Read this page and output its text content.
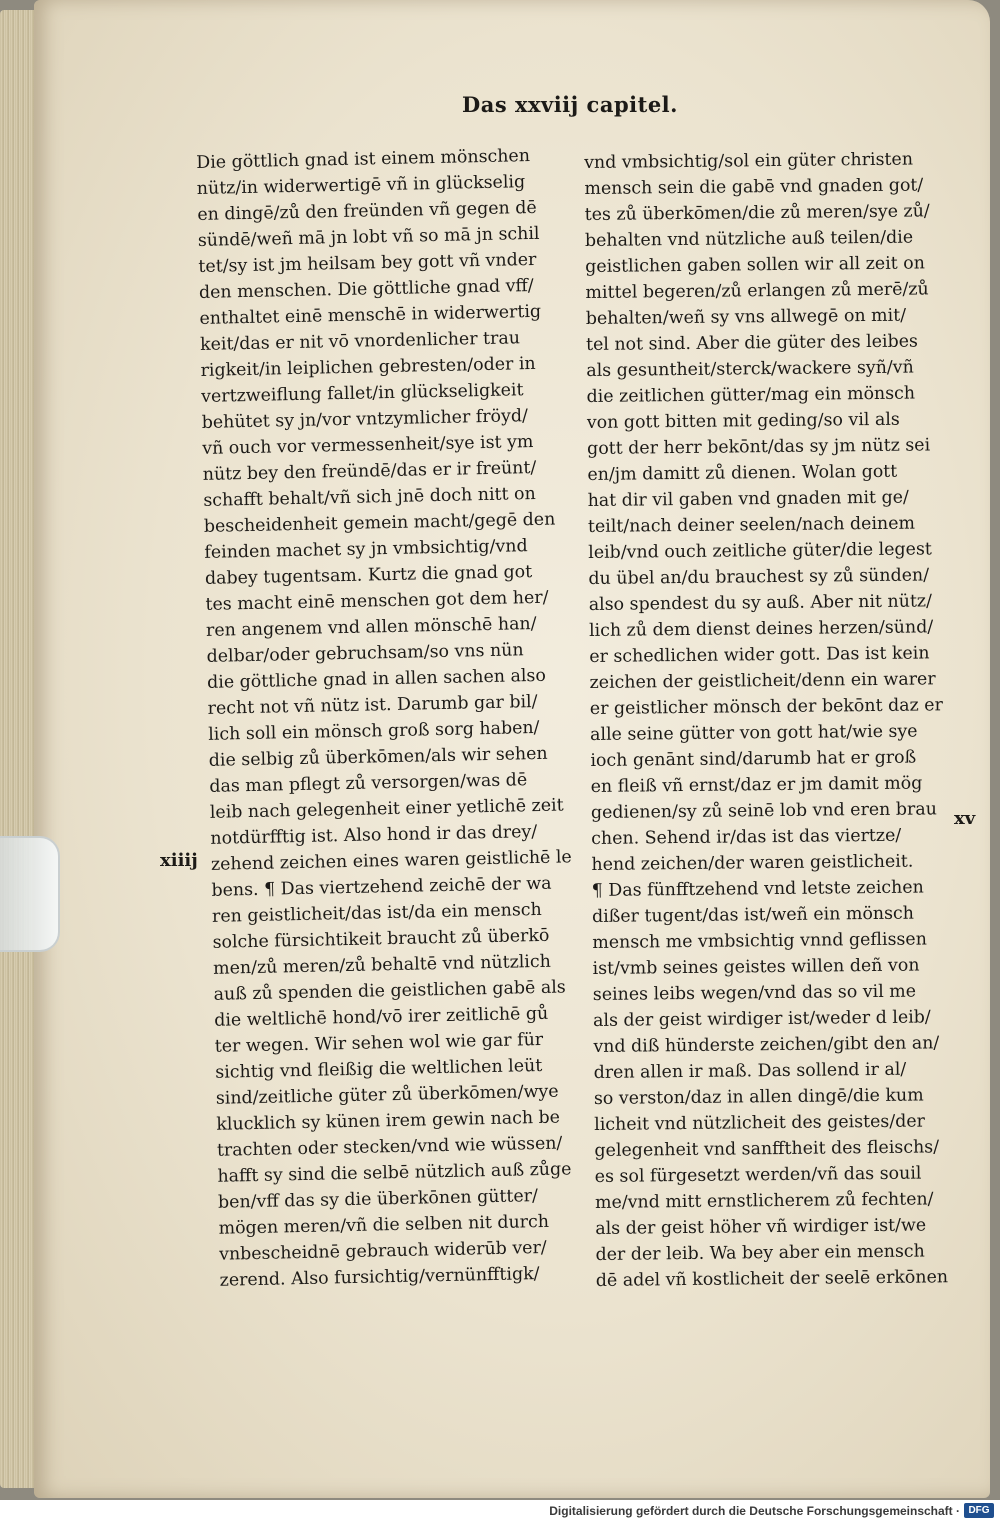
Das xxviij capitel.
Die göttlich gnad ist einem mönschen
nütz/in widerwertigē vñ in glückselig
en dingē/zů den freünden vñ gegen dē
sündē/weñ mā jn lobt vñ so mā jn schil
tet/sy ist jm heilsam bey gott vñ vnder
den menschen. Die göttliche gnad vff/
enthaltet einē menschē in widerwertig
keit/das er nit vō vnordenlicher trau
rigkeit/in leiplichen gebresten/oder in
vertzweiflung fallet/in glückseligkeit
behütet sy jn/vor vntzymlicher fröyd/
vñ ouch vor vermessenheit/sye ist ym
nütz bey den freündē/das er ir freünt/
schafft behalt/vñ sich jnē doch nitt on
bescheidenheit gemein macht/gegē den
feinden machet sy jn vmbsichtig/vnd
dabey tugentsam. Kurtz die gnad got
tes macht einē menschen got dem her/
ren angenem vnd allen mönschē han/
delbar/oder gebruchsam/so vns nün
die göttliche gnad in allen sachen also
recht not vñ nütz ist. Darumb gar bil/
lich soll ein mönsch groß sorg haben/
die selbig zů überkōmen/als wir sehen
das man pflegt zů versorgen/was dē
leib nach gelegenheit einer yetlichē zeit
notdürfftig ist. Also hond ir das drey/
zehend zeichen eines waren geistlichē le
bens. ¶ Das viertzehend zeichē der wa
ren geistlicheit/das ist/da ein mensch
solche fürsichtikeit braucht zů überkō
men/zů meren/zů behaltē vnd nützlich
auß zů spenden die geistlichen gabē als
die weltlichē hond/vō irer zeitlichē gů
ter wegen. Wir sehen wol wie gar für
sichtig vnd fleißig die weltlichen leüt
sind/zeitliche güter zů überkōmen/wye
klucklich sy künen irem gewin nach be
trachten oder stecken/vnd wie wüssen/
hafft sy sind die selbē nützlich auß zůge
ben/vff das sy die überkōnen gütter/
mögen meren/vñ die selben nit durch
vnbescheidnē gebrauch widerūb ver/
zerend. Also fursichtig/vernünfftigk/
vnd vmbsichtig/sol ein güter christen
mensch sein die gabē vnd gnaden got/
tes zů überkōmen/die zů meren/sye zů/
behalten vnd nützliche auß teilen/die
geistlichen gaben sollen wir all zeit on
mittel begeren/zů erlangen zů merē/zů
behalten/weñ sy vns allwegē on mit/
tel not sind. Aber die güter des leibes
als gesuntheit/sterck/wackere syñ/vñ
die zeitlichen gütter/mag ein mönsch
von gott bitten mit geding/so vil als
gott der herr bekōnt/das sy jm nütz sei
en/jm damitt zů dienen. Wolan gott
hat dir vil gaben vnd gnaden mit ge/
teilt/nach deiner seelen/nach deinem
leib/vnd ouch zeitliche güter/die legest
du übel an/du brauchest sy zů sünden/
also spendest du sy auß. Aber nit nütz/
lich zů dem dienst deines herzen/sünd/
er schedlichen wider gott. Das ist kein
zeichen der geistlicheit/denn ein warer
er geistlicher mönsch der bekōnt daz er
alle seine gütter von gott hat/wie sye
ioch genānt sind/darumb hat er groß
en fleiß vñ ernst/daz er jm damit mög
gedienen/sy zů seinē lob vnd eren brau
chen. Sehend ir/das ist das viertze/
hend zeichen/der waren geistlicheit.
¶ Das fünfftzehend vnd letste zeichen
dißer tugent/das ist/weñ ein mönsch
mensch me vmbsichtig vnnd geflissen
ist/vmb seines geistes willen deñ von
seines leibs wegen/vnd das so vil me
als der geist wirdiger ist/weder d leib/
vnd diß hünderste zeichen/gibt den an/
dren allen ir maß. Das sollend ir al/
so verston/daz in allen dingē/die kum
licheit vnd nützlicheit des geistes/der
gelegenheit vnd sanfftheit des fleischs/
es sol fürgesetzt werden/vñ das souil
me/vnd mitt ernstlicherem zů fechten/
als der geist höher vñ wirdiger ist/we
der der leib. Wa bey aber ein mensch
dē adel vñ kostlicheit der seelē erkōnen
xiiij
xv
Digitalisierung gefördert durch die Deutsche Forschungsgemeinschaft · DFG
